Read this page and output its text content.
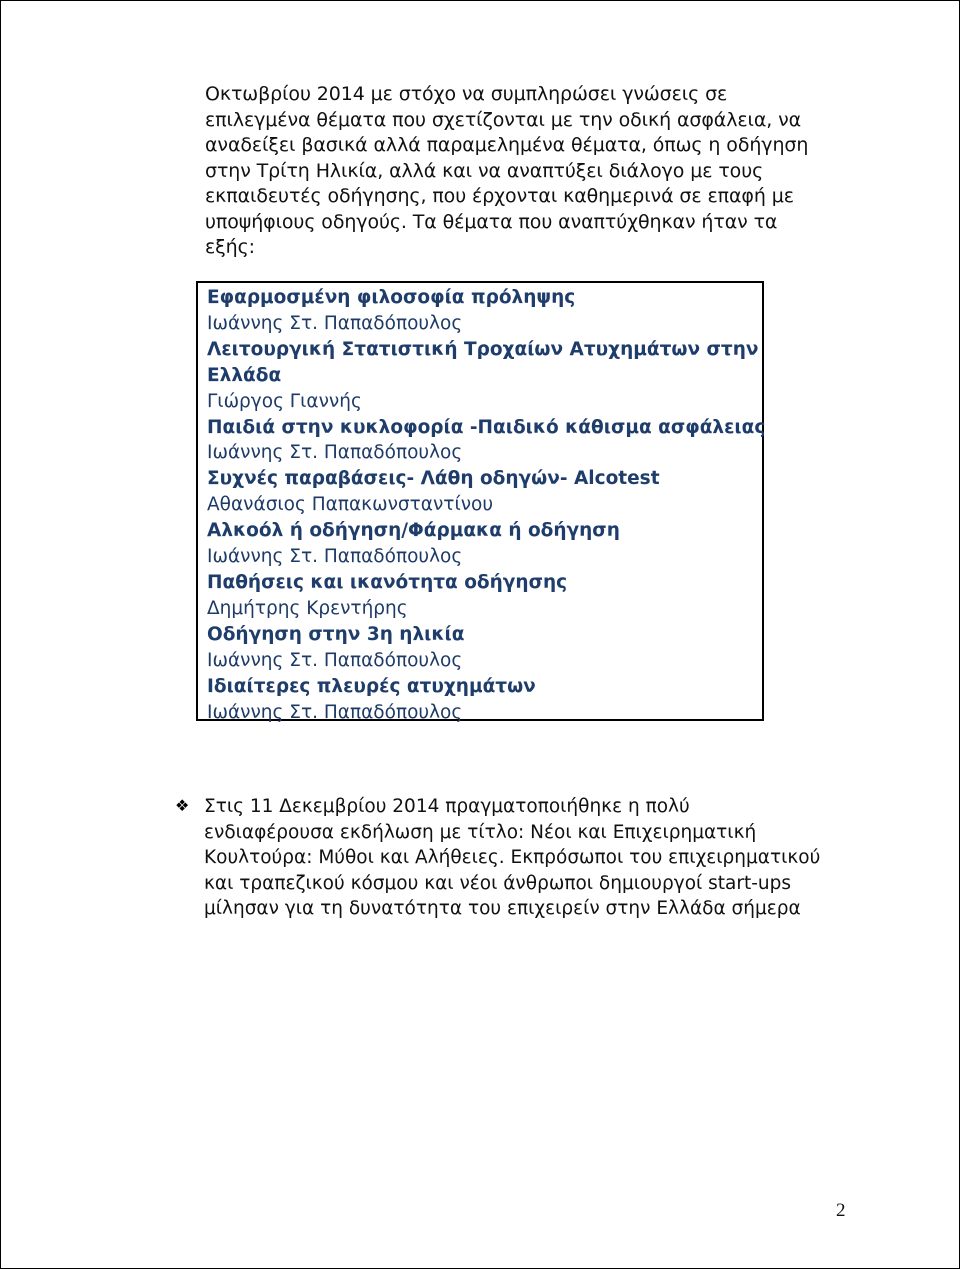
Οκτωβρίου 2014 με στόχο να συμπληρώσει γνώσεις σε
επιλεγμένα θέματα που σχετίζονται με την οδική ασφάλεια, να
αναδείξει βασικά αλλά παραμελημένα θέματα, όπως η οδήγηση
στην Τρίτη Ηλικία, αλλά και να αναπτύξει διάλογο με τους
εκπαιδευτές οδήγησης, που έρχονται καθημερινά σε επαφή με
υποψήφιους οδηγούς. Τα θέματα που αναπτύχθηκαν ήταν τα
εξής:
Εφαρμοσμένη φιλοσοφία πρόληψης
Ιωάννης Στ. Παπαδόπουλος
Λειτουργική Στατιστική Τροχαίων Ατυχημάτων στην
Ελλάδα
Γιώργος Γιαννής
Παιδιά στην κυκλοφορία -Παιδικό κάθισμα ασφάλειας
Ιωάννης Στ. Παπαδόπουλος
Συχνές παραβάσεις- Λάθη οδηγών- Alcotest
Αθανάσιος Παπακωνσταντίνου
Αλκοόλ ή οδήγηση/Φάρμακα ή οδήγηση
Ιωάννης Στ. Παπαδόπουλος
Παθήσεις και ικανότητα οδήγησης
Δημήτρης Κρεντήρης
Οδήγηση στην 3η ηλικία
Ιωάννης Στ. Παπαδόπουλος
Ιδιαίτερες πλευρές ατυχημάτων
Ιωάννης Στ. Παπαδόπουλος
❖ Στις 11 Δεκεμβρίου 2014 πραγματοποιήθηκε η πολύ
ενδιαφέρουσα εκδήλωση με τίτλο: Νέοι και Επιχειρηματική
Κουλτούρα: Μύθοι και Αλήθειες. Εκπρόσωποι του επιχειρηματικού
και τραπεζικού κόσμου και νέοι άνθρωποι δημιουργοί start-ups
μίλησαν για τη δυνατότητα του επιχειρείν στην Ελλάδα σήμερα
2
